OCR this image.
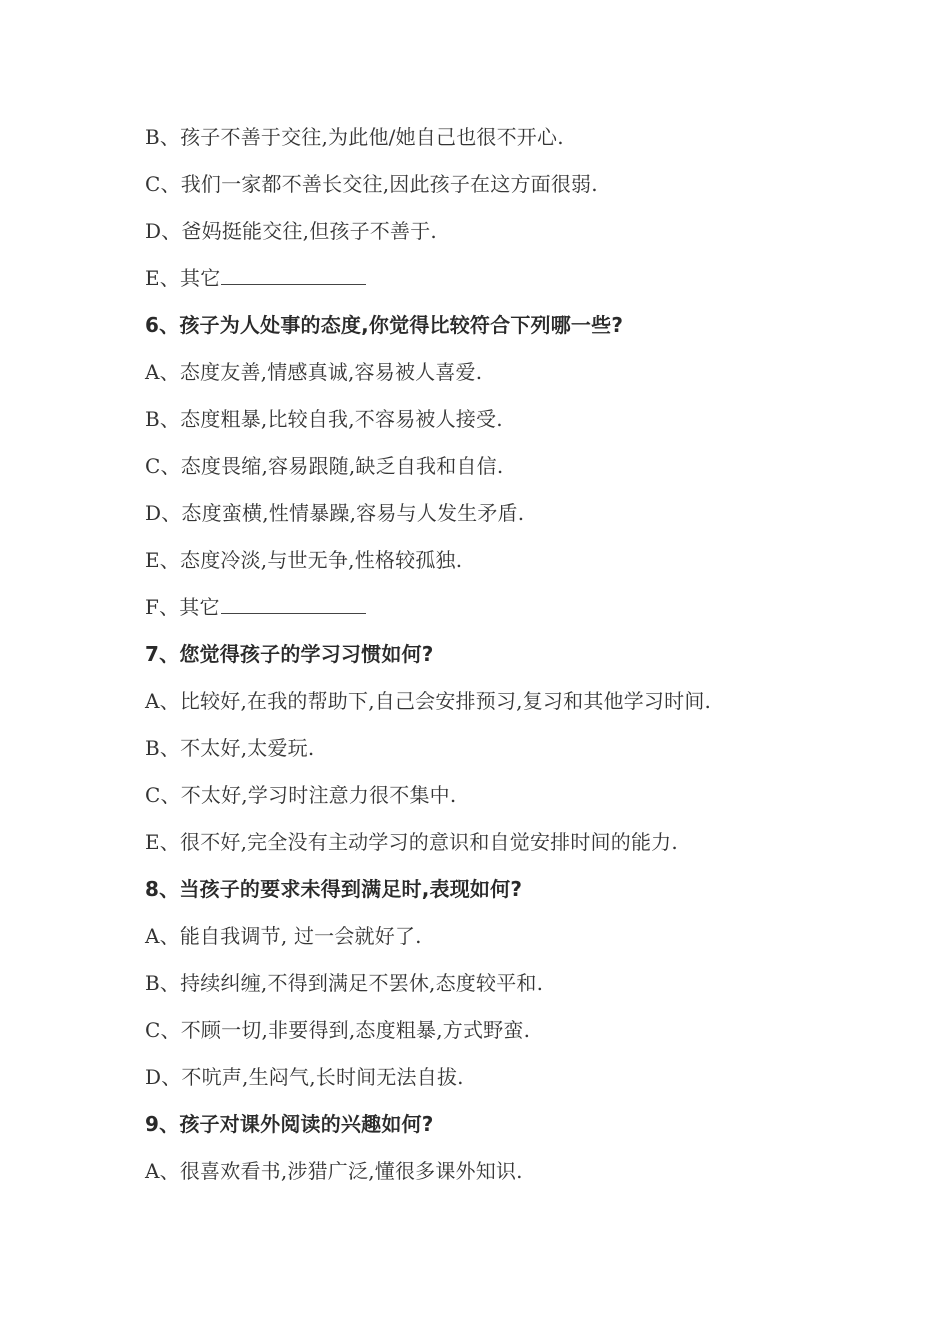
B、孩子不善于交往,为此他/她自己也很不开心.
C、我们一家都不善长交往,因此孩子在这方面很弱.
D、爸妈挺能交往,但孩子不善于.
E、其它
6、孩子为人处事的态度,你觉得比较符合下列哪一些?
A、态度友善,情感真诚,容易被人喜爱.
B、态度粗暴,比较自我,不容易被人接受.
C、态度畏缩,容易跟随,缺乏自我和自信.
D、态度蛮横,性情暴躁,容易与人发生矛盾.
E、态度冷淡,与世无争,性格较孤独.
F、其它
7、您觉得孩子的学习习惯如何?
A、比较好,在我的帮助下,自己会安排预习,复习和其他学习时间.
B、不太好,太爱玩.
C、不太好,学习时注意力很不集中.
E、很不好,完全没有主动学习的意识和自觉安排时间的能力.
8、当孩子的要求未得到满足时,表现如何?
A、能自我调节, 过一会就好了.
B、持续纠缠,不得到满足不罢休,态度较平和.
C、不顾一切,非要得到,态度粗暴,方式野蛮.
D、不吭声,生闷气,长时间无法自拔.
9、孩子对课外阅读的兴趣如何?
A、很喜欢看书,涉猎广泛,懂很多课外知识.
